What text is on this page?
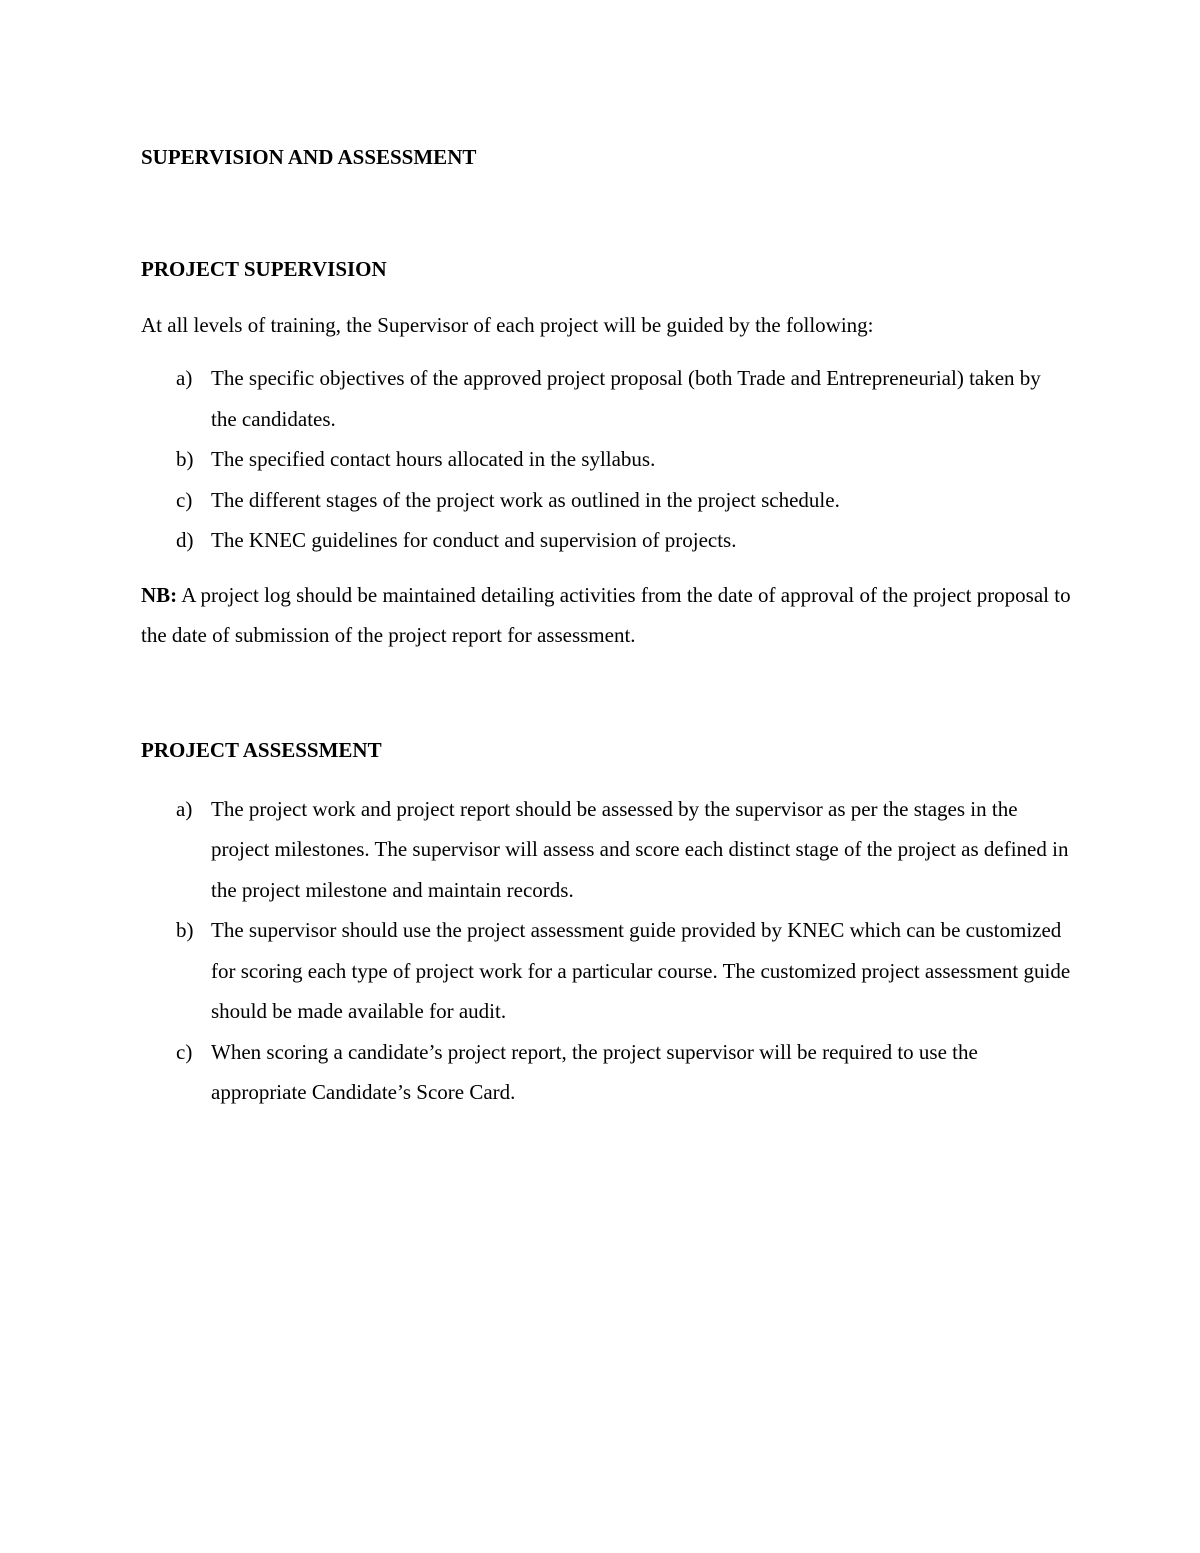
SUPERVISION AND ASSESSMENT
PROJECT SUPERVISION

At all levels of training, the Supervisor of each project will be guided by the following:

a) The specific objectives of the approved project proposal (both Trade and Entrepreneurial) taken by the candidates.
b) The specified contact hours allocated in the syllabus.
c) The different stages of the project work as outlined in the project schedule.
d) The KNEC guidelines for conduct and supervision of projects.

NB: A project log should be maintained detailing activities from the date of approval of the project proposal to the date of submission of the project report for assessment.

PROJECT ASSESSMENT
a) The project work and project report should be assessed by the supervisor as per the stages in the project milestones. The supervisor will assess and score each distinct stage of the project as defined in the project milestone and maintain records.
b) The supervisor should use the project assessment guide provided by KNEC which can be customized for scoring each type of project work for a particular course. The customized project assessment guide should be made available for audit.
c) When scoring a candidate’s project report, the project supervisor will be required to use the appropriate Candidate’s Score Card.
